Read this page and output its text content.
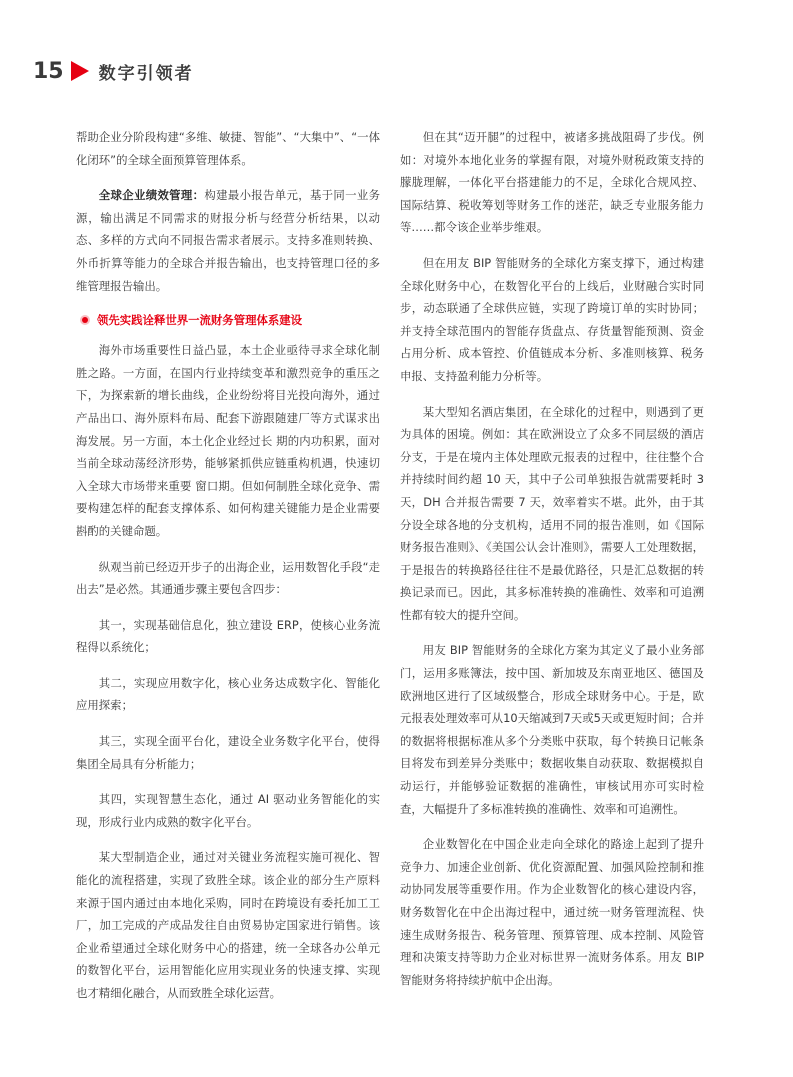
15 数字引领者

帮助企业分阶段构建“多维、敏捷、智能”、“大集中”、“一体化闭环”的全球全面预算管理体系。

全球企业绩效管理：构建最小报告单元，基于同一业务源，输出满足不同需求的财报分析与经营分析结果，以动态、多样的方式向不同报告需求者展示。支持多准则转换、外币折算等能力的全球合并报告输出，也支持管理口径的多维管理报告输出。

领先实践诠释世界一流财务管理体系建设

海外市场重要性日益凸显，本土企业亟待寻求全球化制胜之路。一方面，在国内行业持续变革和激烈竞争的重压之下，为探索新的增长曲线，企业纷纷将目光投向海外，通过产品出口、海外原料布局、配套下游跟随建厂等方式谋求出海发展。另一方面，本土化企业经过长 期的内功积累，面对当前全球动荡经济形势，能够紧抓供应链重构机遇，快速切入全球大市场带来重要 窗口期。但如何制胜全球化竞争、需要构建怎样的配套支撑体系、如何构建关键能力是企业需要斟酌的关键命题。

纵观当前已经迈开步子的出海企业，运用数智化手段“走出去”是必然。其通通步骤主要包含四步：

其一，实现基础信息化，独立建设 ERP，使核心业务流程得以系统化；

其二，实现应用数字化，核心业务达成数字化、智能化应用探索；

其三，实现全面平台化，建设全业务数字化平台，使得集团全局具有分析能力；

其四，实现智慧生态化，通过 AI 驱动业务智能化的实现，形成行业内成熟的数字化平台。

某大型制造企业，通过对关键业务流程实施可视化、智能化的流程搭建，实现了致胜全球。该企业的部分生产原料来源于国内通过由本地化采购，同时在跨境设有委托加工工厂，加工完成的产成品发往自由贸易协定国家进行销售。该企业希望通过全球化财务中心的搭建，统一全球各办公单元的数智化平台，运用智能化应用实现业务的快速支撑、实现也才精细化融合，从而致胜全球化运营。

但在其“迈开腿”的过程中，被诸多挑战阻碍了步伐。例如：对境外本地化业务的掌握有限，对境外财税政策支持的朦胧理解，一体化平台搭建能力的不足，全球化合规风控、国际结算、税收筹划等财务工作的迷茫，缺乏专业服务能力等……都令该企业举步维艰。

但在用友 BIP 智能财务的全球化方案支撑下，通过构建全球化财务中心，在数智化平台的上线后，业财融合实时同步，动态联通了全球供应链，实现了跨境订单的实时协同；并支持全球范围内的智能存货盘点、存货量智能预测、资金占用分析、成本管控、价值链成本分析、多准则核算、税务申报、支持盈利能力分析等。

某大型知名酒店集团，在全球化的过程中，则遇到了更为具体的困境。例如：其在欧洲设立了众多不同层级的酒店分支，于是在境内主体处理欧元报表的过程中，往往整个合并持续时间约超 10 天，其中子公司单独报告就需要耗时 3 天，DH 合并报告需要 7 天，效率着实不堪。此外，由于其分设全球各地的分支机构，适用不同的报告准则，如《国际财务报告准则》、《美国公认会计准则》，需要人工处理数据，于是报告的转换路径往往不是最优路径，只是汇总数据的转换记录而已。因此，其多标准转换的准确性、效率和可追溯性都有较大的提升空间。

用友 BIP 智能财务的全球化方案为其定义了最小业务部门，运用多账簿法，按中国、新加坡及东南亚地区、德国及欧洲地区进行了区域级整合，形成全球财务中心。于是，欧元报表处理效率可从10天缩减到7天或5天或更短时间；合并的数据将根据标准从多个分类账中获取，每个转换日记帐条目将发布到差异分类账中；数据收集自动获取、数据模拟自动运行，并能够验证数据的准确性，审核试用亦可实时检查，大幅提升了多标准转换的准确性、效率和可追溯性。

企业数智化在中国企业走向全球化的路途上起到了提升竞争力、加速企业创新、优化资源配置、加强风险控制和推动协同发展等重要作用。作为企业数智化的核心建设内容，财务数智化在中企出海过程中，通过统一财务管理流程、快速生成财务报告、税务管理、预算管理、成本控制、风险管理和决策支持等助力企业对标世界一流财务体系。用友 BIP 智能财务将持续护航中企出海。
